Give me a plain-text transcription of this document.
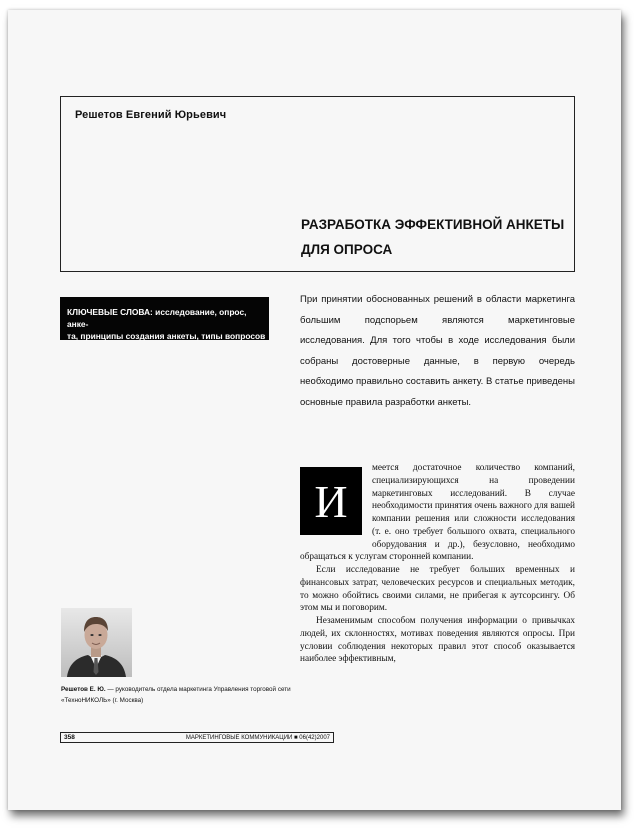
Решетов Евгений Юрьевич
РАЗРАБОТКА ЭФФЕКТИВНОЙ АНКЕТЫ
ДЛЯ ОПРОСА
КЛЮЧЕВЫЕ СЛОВА: исследование, опрос, анке-
та, принципы создания анкеты, типы вопросов

При принятии обоснованных решений в области маркетинга большим подспорьем являются маркетинговые исследования. Для того чтобы в ходе исследования были собраны достоверные данные, в первую очередь необходимо правильно составить анкету. В статье приведены основные правила разработки анкеты.

И

меется достаточное количество компаний, специализирующихся на проведении маркетинговых исследований. В случае необходимости принятия очень важного для вашей компании решения или сложности исследования (т. е. оно требует большого охвата, специального оборудования и др.), безусловно, необходимо обращаться к услугам сторонней компании.

Если исследование не требует больших временных и финансовых затрат, человеческих ресурсов и специальных методик, то можно обойтись своими силами, не прибегая к аутсорсингу. Об этом мы и поговорим.

Незаменимым способом получения информации о привычках людей, их склонностях, мотивах поведения являются опросы. При условии соблюдения некоторых правил этот способ оказывается наиболее эффективным,

Решетов Е. Ю. — руководитель отдела маркетинга Управления торговой сети «ТехноНИКОЛЬ» (г. Москва)

358	МАРКЕТИНГОВЫЕ КОММУНИКАЦИИ ■ 06(42)2007
